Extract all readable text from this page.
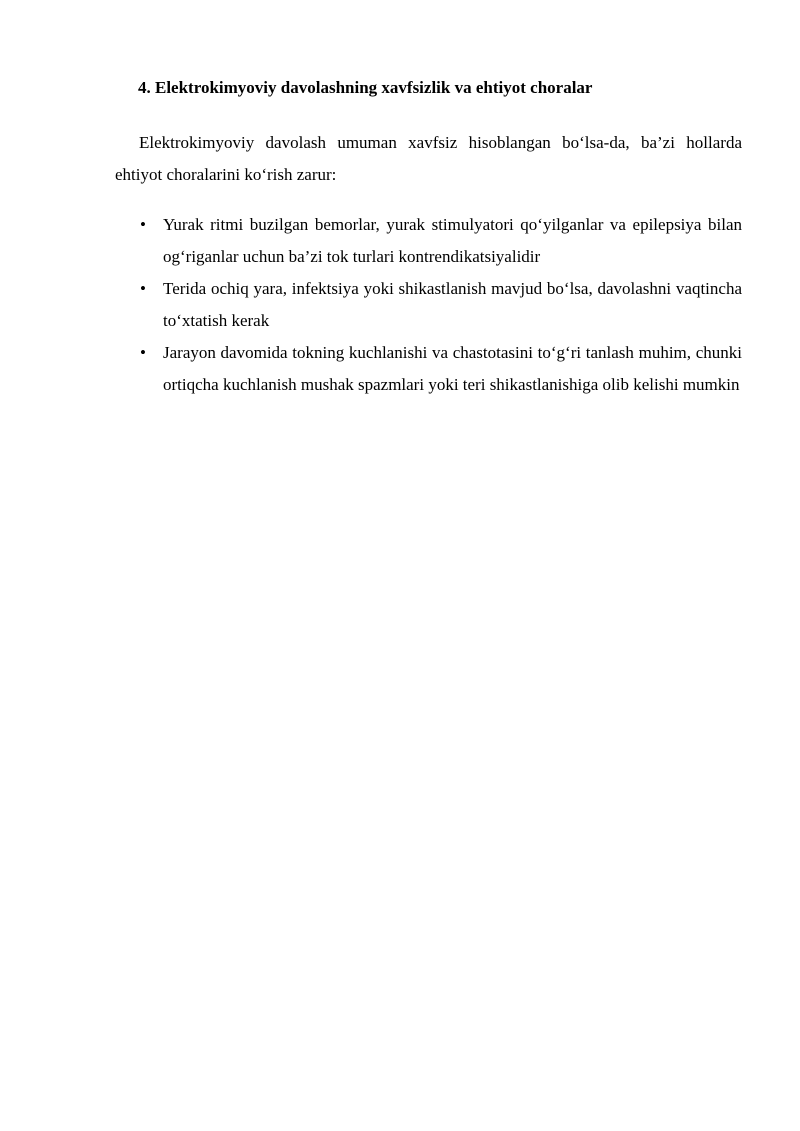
4. Elektrokimyoviy davolashning xavfsizlik va ehtiyot choralar

Elektrokimyoviy davolash umuman xavfsiz hisoblangan bo‘lsa-da, ba’zi hollarda ehtiyot choralarini ko‘rish zarur:

• Yurak ritmi buzilgan bemorlar, yurak stimulyatori qo‘yilganlar va epilepsiya bilan og‘riganlar uchun ba’zi tok turlari kontrendikatsiyalidir
• Terida ochiq yara, infektsiya yoki shikastlanish mavjud bo‘lsa, davolashni vaqtincha to‘xtatish kerak
• Jarayon davomida tokning kuchlanishi va chastotasini to‘g‘ri tanlash muhim, chunki ortiqcha kuchlanish mushak spazmlari yoki teri shikastlanishiga olib kelishi mumkin
